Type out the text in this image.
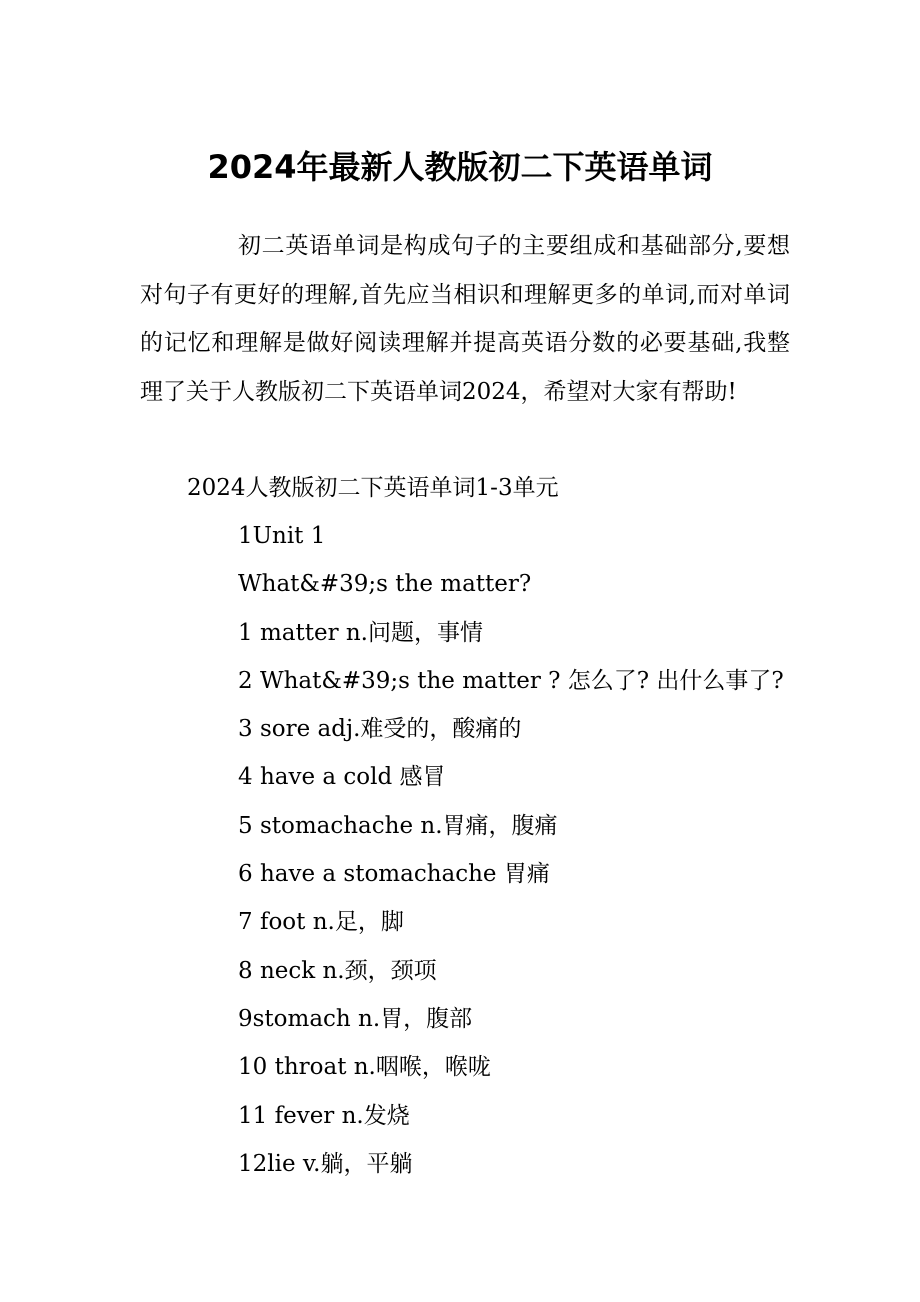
2024年最新人教版初二下英语单词

初二英语单词是构成句子的主要组成和基础部分,要想对句子有更好的理解,首先应当相识和理解更多的单词,而对单词的记忆和理解是做好阅读理解并提高英语分数的必要基础,我整理了关于人教版初二下英语单词2024，希望对大家有帮助!

2024人教版初二下英语单词1-3单元

1Unit 1
What&#39;s the matter?
1 matter n.问题，事情
2 What&#39;s the matter ? 怎么了? 出什么事了?
3 sore adj.难受的，酸痛的
4 have a cold 感冒
5 stomachache n.胃痛，腹痛
6 have a stomachache 胃痛
7 foot n.足，脚
8 neck n.颈，颈项
9stomach n.胃，腹部
10 throat n.咽喉，喉咙
11 fever n.发烧
12lie v.躺，平躺
